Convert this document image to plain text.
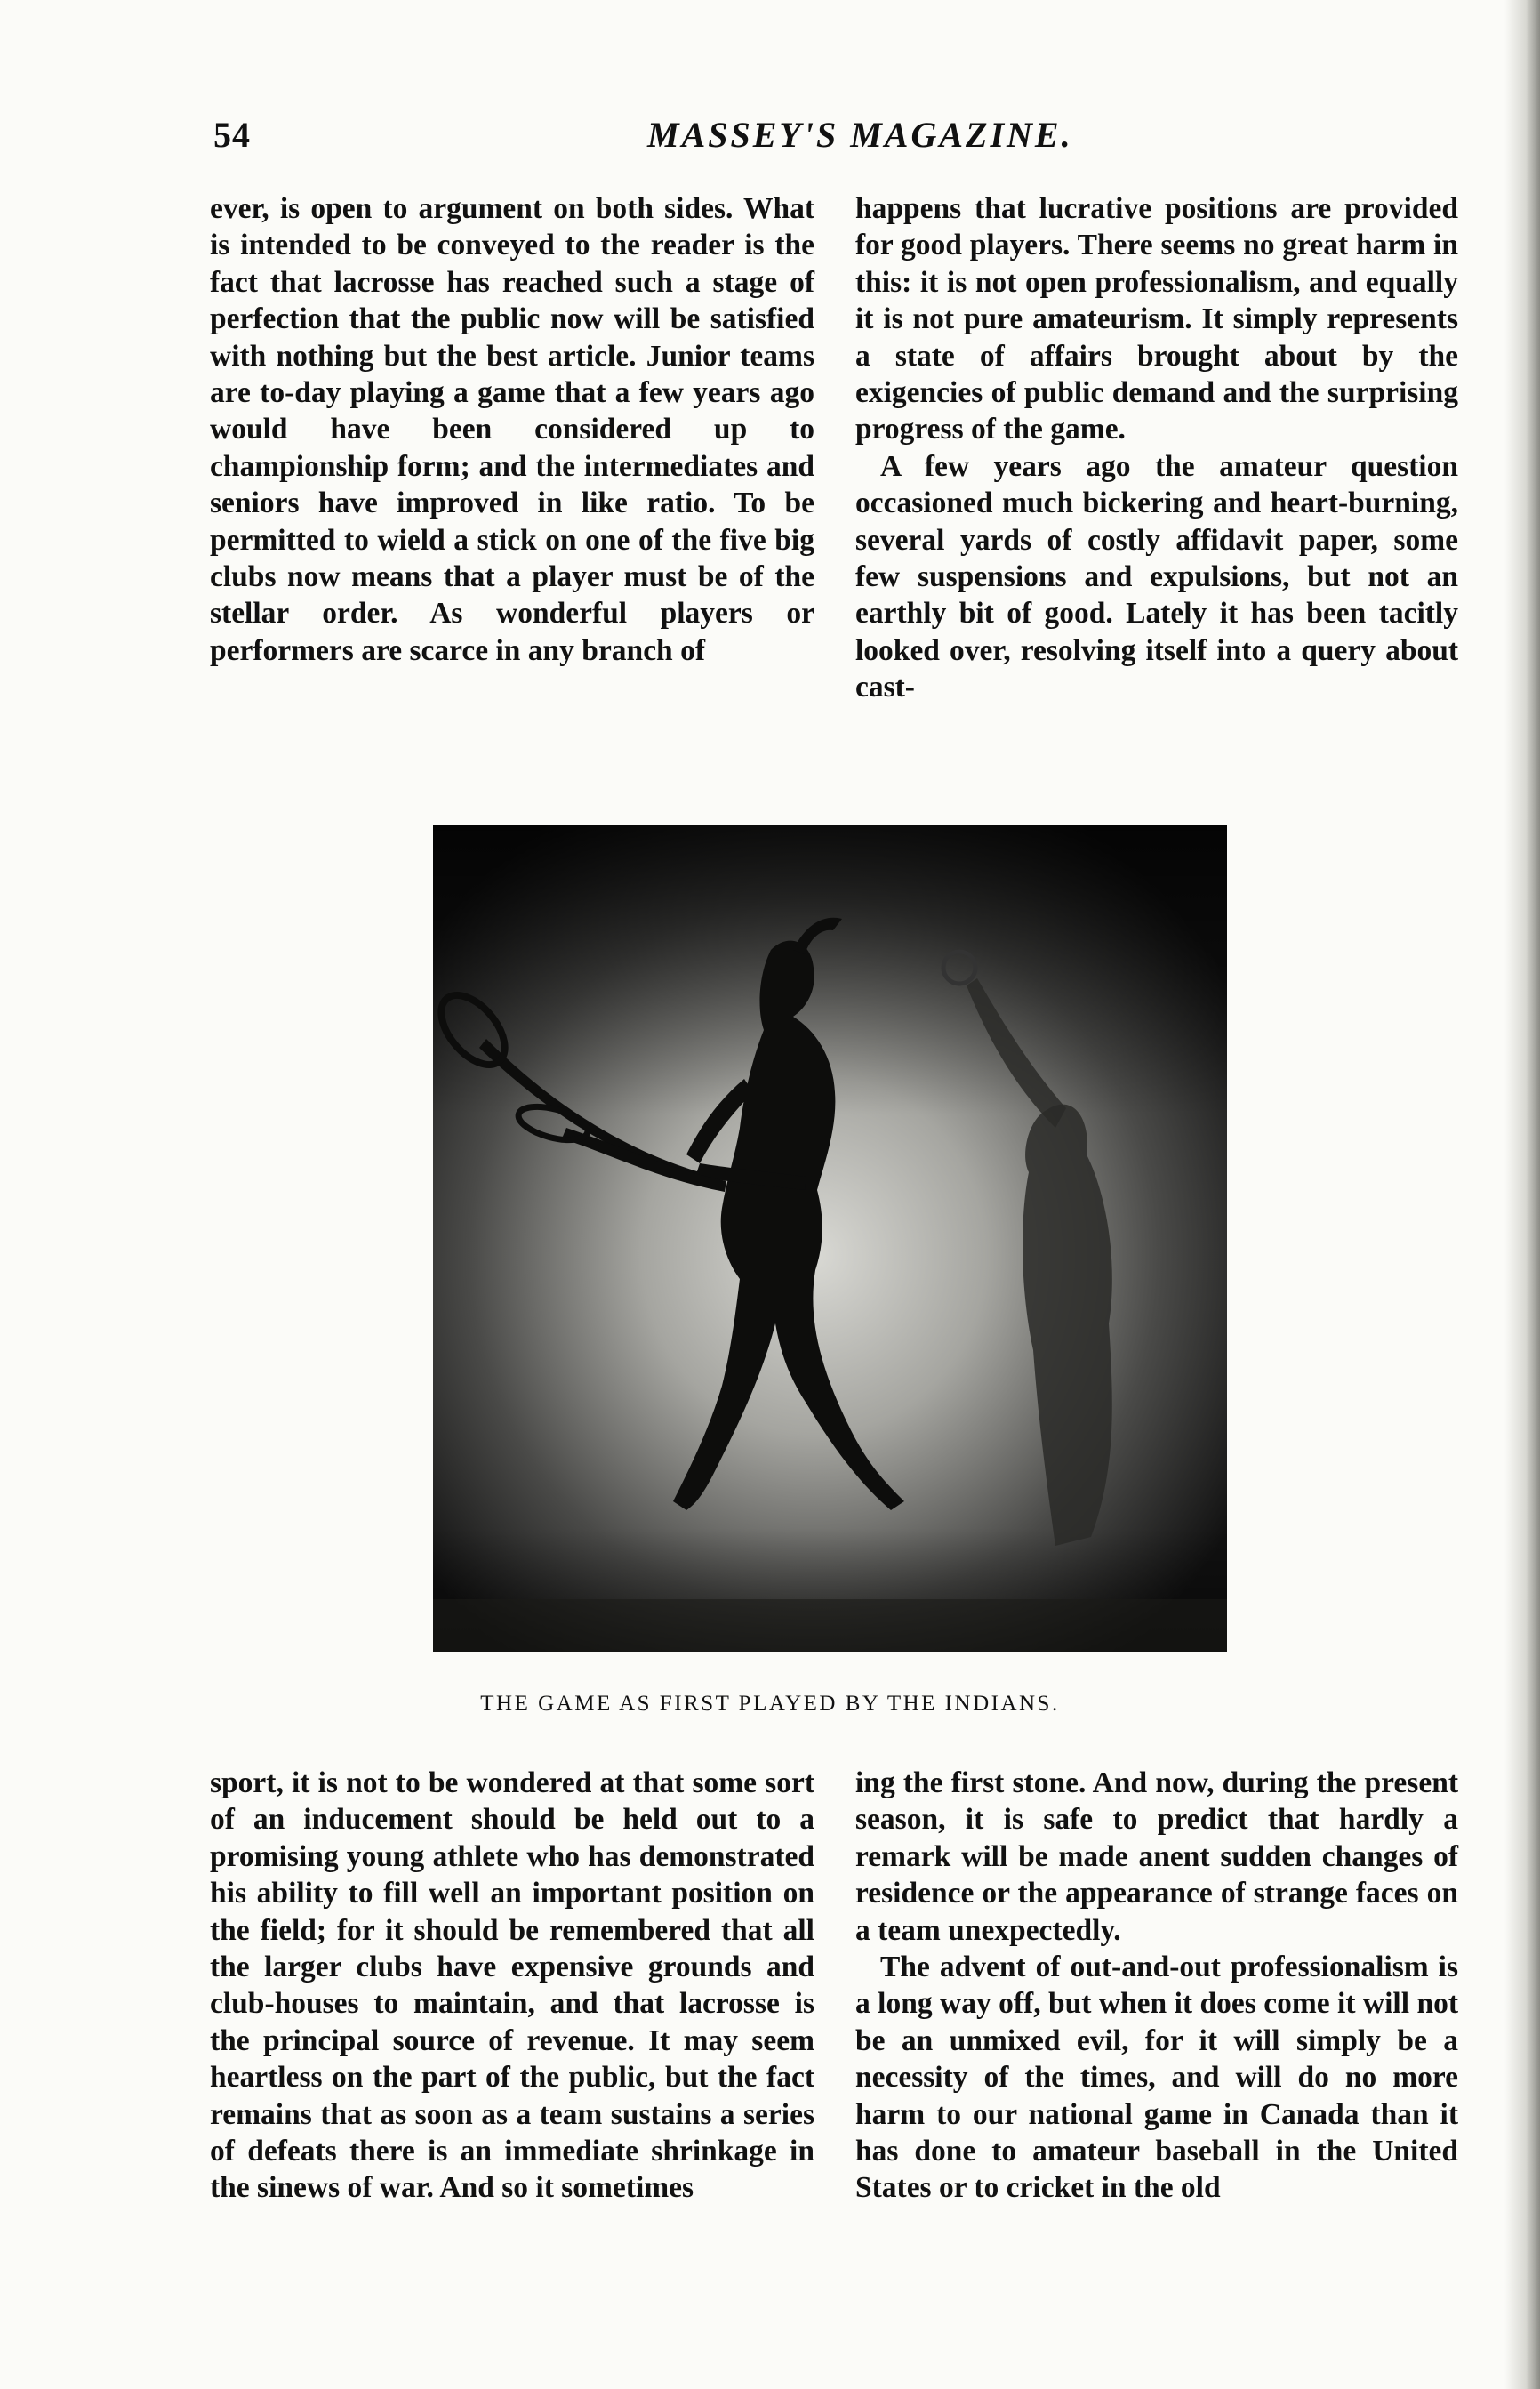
54	MASSEY'S MAGAZINE.

ever, is open to argument on both sides. What is intended to be conveyed to the reader is the fact that lacrosse has reached such a stage of perfection that the public now will be satisfied with nothing but the best article. Junior teams are to-day playing a game that a few years ago would have been considered up to championship form; and the intermediates and seniors have improved in like ratio. To be permitted to wield a stick on one of the five big clubs now means that a player must be of the stellar order. As wonderful players or performers are scarce in any branch of

happens that lucrative positions are provided for good players. There seems no great harm in this: it is not open professionalism, and equally it is not pure amateurism. It simply represents a state of affairs brought about by the exigencies of public demand and the surprising progress of the game.

A few years ago the amateur question occasioned much bickering and heart-burning, several yards of costly affidavit paper, some few suspensions and expulsions, but not an earthly bit of good. Lately it has been tacitly looked over, resolving itself into a query about cast-

THE GAME AS FIRST PLAYED BY THE INDIANS.

sport, it is not to be wondered at that some sort of an inducement should be held out to a promising young athlete who has demonstrated his ability to fill well an important position on the field; for it should be remembered that all the larger clubs have expensive grounds and club-houses to maintain, and that lacrosse is the principal source of revenue. It may seem heartless on the part of the public, but the fact remains that as soon as a team sustains a series of defeats there is an immediate shrinkage in the sinews of war. And so it sometimes

ing the first stone. And now, during the present season, it is safe to predict that hardly a remark will be made anent sudden changes of residence or the appearance of strange faces on a team unexpectedly.

The advent of out-and-out professionalism is a long way off, but when it does come it will not be an unmixed evil, for it will simply be a necessity of the times, and will do no more harm to our national game in Canada than it has done to amateur baseball in the United States or to cricket in the old
